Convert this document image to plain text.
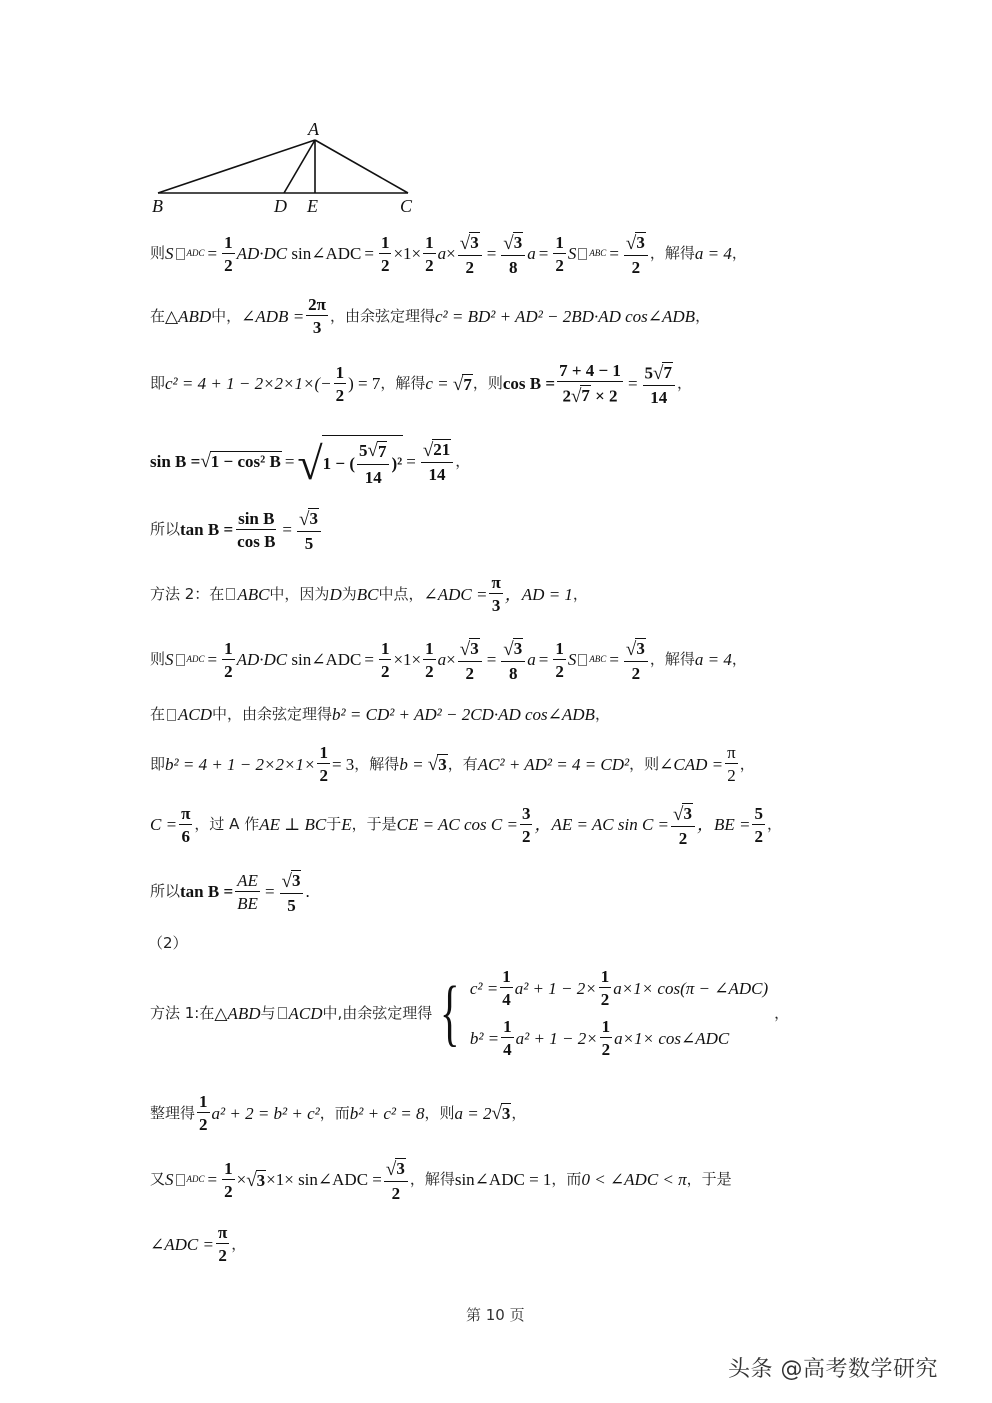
A
B	D E	C
则 S ADC = $\frac{1}{2} AD\cdot DC$
sin∠ADC = $\frac{1}{2} \times 1\times \frac{1}{2}$ $a \times \frac{√ 3}{2} = \frac{√ 3}{8}$ $a = \frac{1}{2}$ S ABC = $\frac{√ 3}{2}$ ，解得 a = 4 ，
在 △ABD 中， ∠ADB = $\frac{2\pi}{3}$ ，由余弦定理得 c² = BD² + AD² − 2BD·AD cos∠ADB ，
即 $c^2 = 4 + 1 - 2\times 2\times 1\times(- \frac{1}{2}$ ) = 7 ，解得 c =
√ 7 ，则 $\cos B = \frac{7 + 4 - 1}{2 √ 7 \times 2} = \frac{5 √ 7}{14}$ ，
sin B = √ 1 − cos² B = √ 1 − ( $\frac{5 √ 7}{14} )^2 = \frac{√ 21}{14}$ ，
所以 $\tan B = \frac{\text{sin B}}{\text{cos B}} = \frac{√ 3}{5}$
方法 2：在 ABC 中，因为 D 为 BC 中点， ∠ADC = $\frac{\pi}{3}$ ，AD = 1 ，
则 S ADC = $\frac{1}{2} AD\cdot DC$
sin∠ADC = $\frac{1}{2} \times 1\times \frac{1}{2}$ $a \times \frac{√ 3}{2} = \frac{√ 3}{8}$ $a = \frac{1}{2}$ S ABC = $\frac{√ 3}{2}$ ，解得 a = 4 ，
在 ACD 中，由余弦定理得 b² = CD² + AD² − 2CD·AD cos∠ADB ，
即 $b^2 = 4 + 1 - 2\times 2\times 1\times \frac{1}{2} = 3$ ，解得 b =
√ 3 ，有 AC² + AD² = 4 = CD² ，则 ∠CAD = $\frac{\pi}{2}$ ，
$C = \frac{\pi}{6}$ ，过 A 作 AE ⊥ BC 于 E ，于是 CE = AC $\cos C = \frac{3}{2}$ ，AE = AC $\sin C = \frac{√ 3}{2}$ ，BE = $\frac{5}{2}$ ，
所以 $\tan B = \frac{AE}{BE} = \frac{√ 3}{5}$ .
（2）
方法 1:在 △ABD 与 ACD 中,由余弦定理得 { $c^2 = \frac{1}{4} a^2 + 1 - 2\times \frac{1}{2} a\times 1\times \cos(\pi$ − ∠ADC)
$b^2 = \frac{1}{4} a^2 + 1 - 2\times \frac{1}{2} a\times 1\times$ cos∠ADC
，
整理得 $\frac{1}{2} a^2 + 2 = b^2 + c^2$ ，而 b² + c² = 8 ，则 a = 2 √ 3 ，
又 S ADC = $\frac{1}{2}$ × √ 3 ×1× sin∠ADC = $\frac{√ 3}{2}$ ，解得 sin∠ADC = 1 ，而 0 < ∠ADC < π ，于是
∠ADC = $\frac{\pi}{2}$ ，
第 10 页
头条 @高考数学研究
